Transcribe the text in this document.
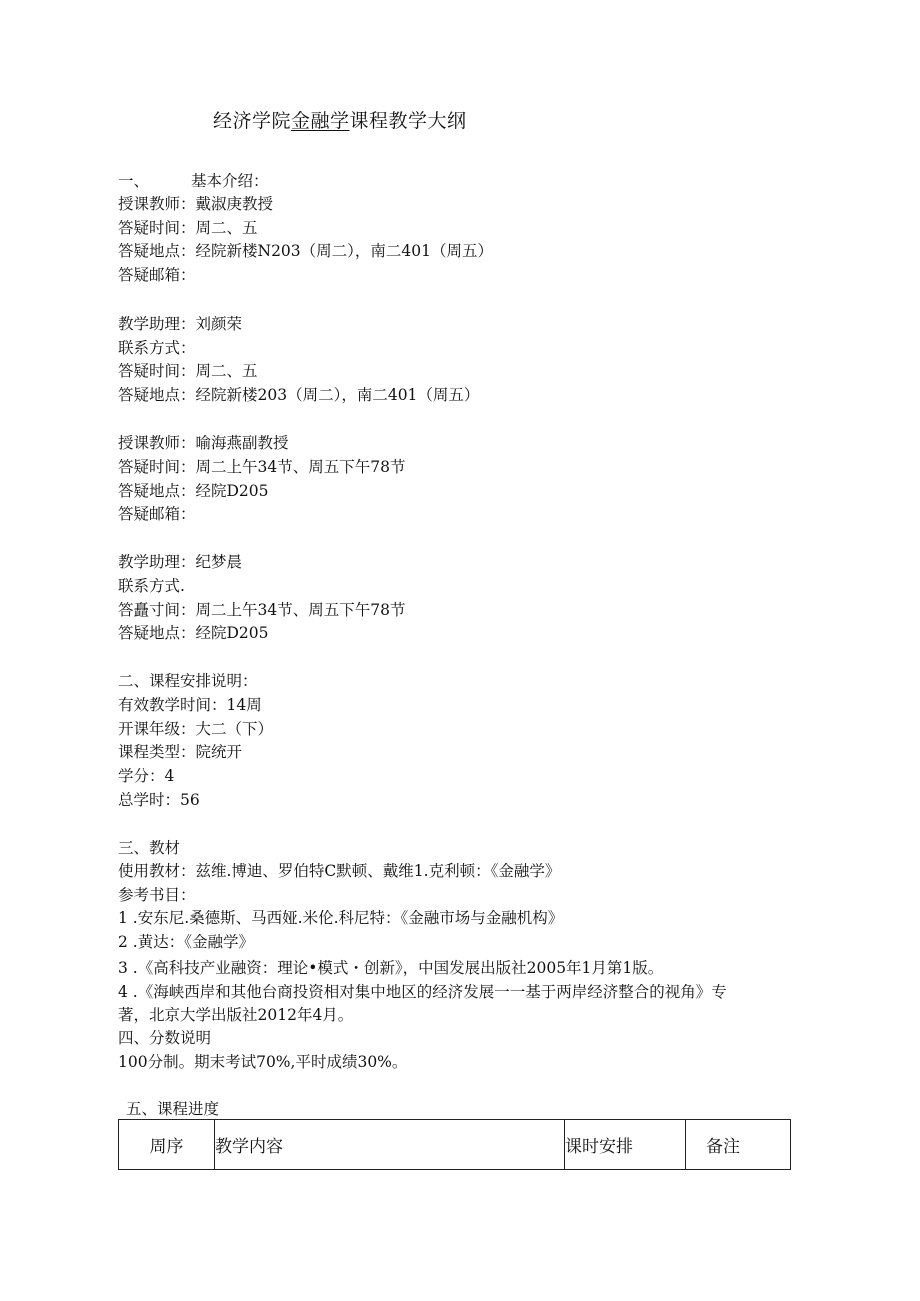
经济学院金融学课程教学大纲
一、	基本介绍：
授课教师：戴淑庚教授
答疑时间：周二、五
答疑地点：经院新楼N203（周二），南二401（周五）
答疑邮箱：
教学助理：刘颜荣
联系方式：
答疑时间：周二、五
答疑地点：经院新楼203（周二），南二401（周五）
授课教师：喻海燕副教授
答疑时间：周二上午34节、周五下午78节
答疑地点：经院D205
答疑邮箱：
教学助理：纪梦晨
联系方式.
答矗寸间：周二上午34节、周五下午78节
答疑地点：经院D205
二、课程安排说明：
有效教学时间：14周
开课年级：大二（下）
课程类型：院统开
学分：4
总学时：56
三、教材
使用教材：兹维.博迪、罗伯特C默顿、戴维1.克利顿：《金融学》
参考书目：
1 .安东尼.桑德斯、马西娅.米伦.科尼特：《金融市场与金融机构》
2 .黄达：《金融学》
3 .《高科技产业融资：理论•模式・创新》，中国发展出版社2005年1月第1版。
4 .《海峡西岸和其他台商投资相对集中地区的经济发展一一基于两岸经济整合的视角》专
著，北京大学出版社2012年4月。
四、分数说明
100分制。期末考试70%,平时成绩30%。
五、课程进度
周序	教学内容	课时安排	备注
